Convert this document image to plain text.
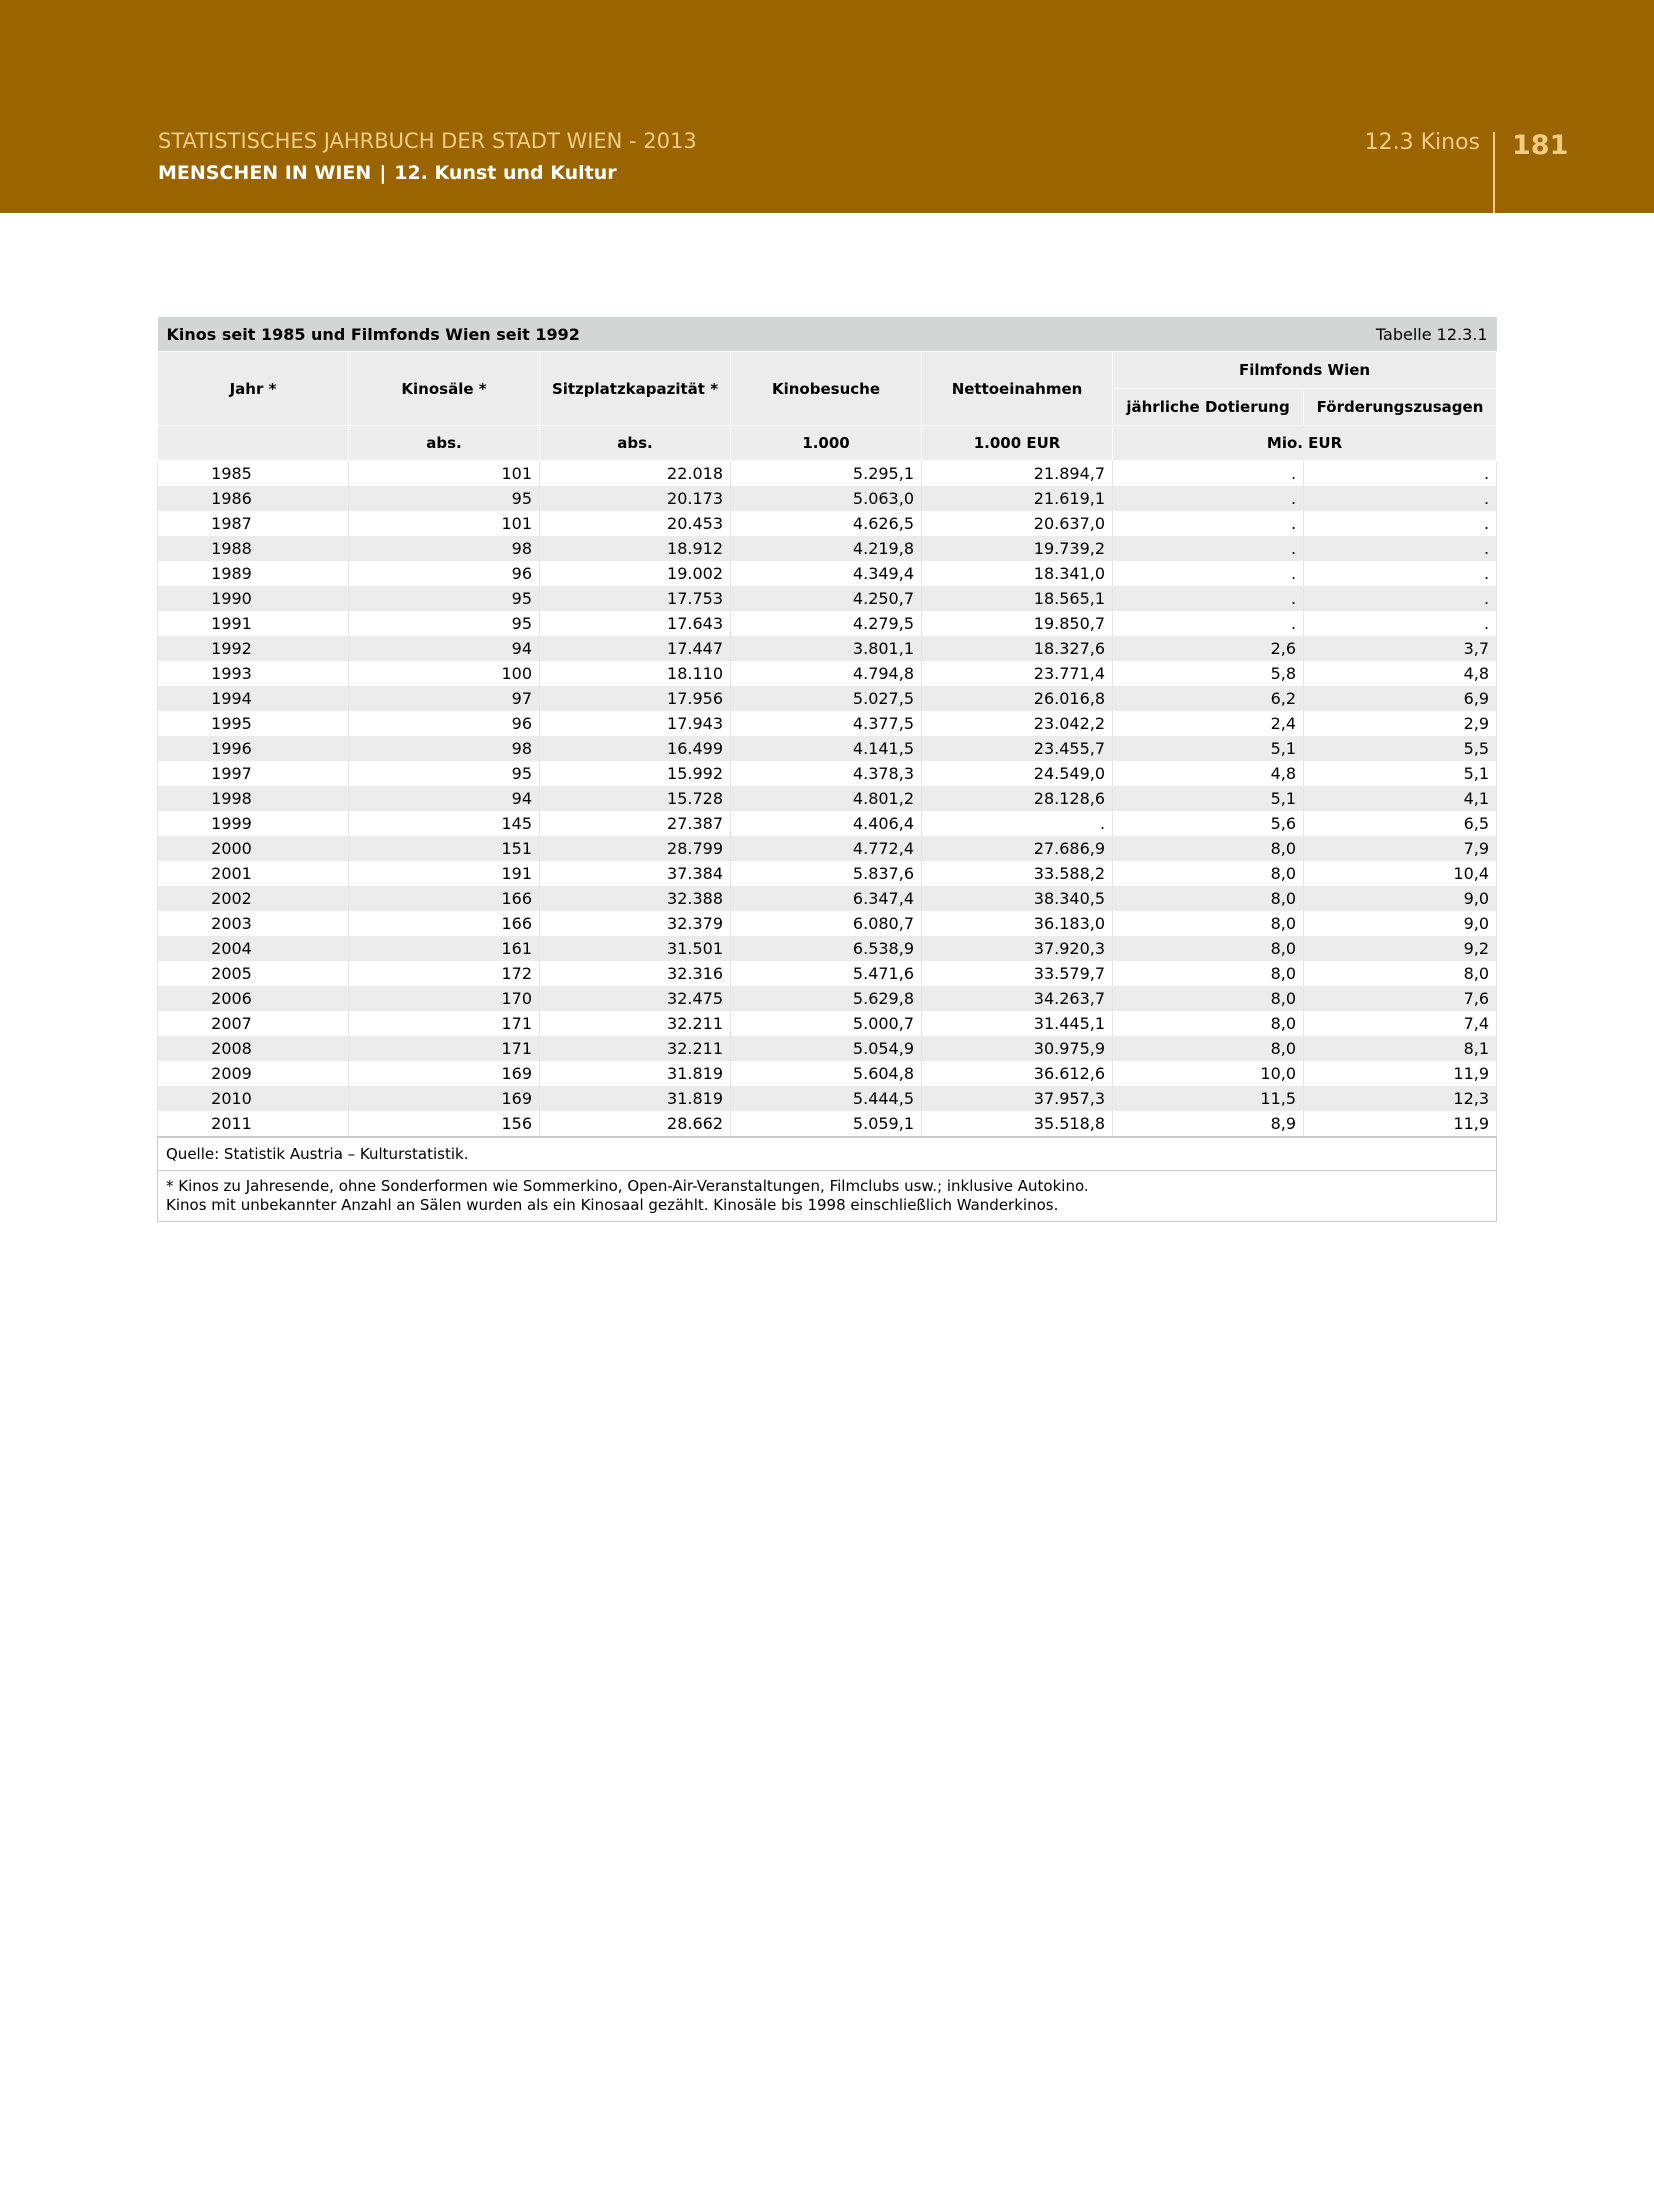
STATISTISCHES JAHRBUCH DER STADT WIEN - 2013
MENSCHEN IN WIEN | 12. Kunst und Kultur
12.3 Kinos 181
Kinos seit 1985 und Filmfonds Wien seit 1992					Tabelle 12.3.1	
Jahr *	Kinosäle *	Sitzplatzkapazität *	Kinobesuche	Nettoeinahmen	Filmfonds Wien	
					jährliche Dotierung	Förderungszusagen
	abs.	abs.	1.000	1.000 EUR	Mio. EUR	
1985	101	22.018	5.295,1	21.894,7	.	.
1986	95	20.173	5.063,0	21.619,1	.	.
1987	101	20.453	4.626,5	20.637,0	.	.
1988	98	18.912	4.219,8	19.739,2	.	.
1989	96	19.002	4.349,4	18.341,0	.	.
1990	95	17.753	4.250,7	18.565,1	.	.
1991	95	17.643	4.279,5	19.850,7	.	.
1992	94	17.447	3.801,1	18.327,6	2,6	3,7
1993	100	18.110	4.794,8	23.771,4	5,8	4,8
1994	97	17.956	5.027,5	26.016,8	6,2	6,9
1995	96	17.943	4.377,5	23.042,2	2,4	2,9
1996	98	16.499	4.141,5	23.455,7	5,1	5,5
1997	95	15.992	4.378,3	24.549,0	4,8	5,1
1998	94	15.728	4.801,2	28.128,6	5,1	4,1
1999	145	27.387	4.406,4	.	5,6	6,5
2000	151	28.799	4.772,4	27.686,9	8,0	7,9
2001	191	37.384	5.837,6	33.588,2	8,0	10,4
2002	166	32.388	6.347,4	38.340,5	8,0	9,0
2003	166	32.379	6.080,7	36.183,0	8,0	9,0
2004	161	31.501	6.538,9	37.920,3	8,0	9,2
2005	172	32.316	5.471,6	33.579,7	8,0	8,0
2006	170	32.475	5.629,8	34.263,7	8,0	7,6
2007	171	32.211	5.000,7	31.445,1	8,0	7,4
2008	171	32.211	5.054,9	30.975,9	8,0	8,1
2009	169	31.819	5.604,8	36.612,6	10,0	11,9
2010	169	31.819	5.444,5	37.957,3	11,5	12,3
2011	156	28.662	5.059,1	35.518,8	8,9	11,9
Quelle: Statistik Austria – Kulturstatistik.						

* Kinos zu Jahresende, ohne Sonderformen wie Sommerkino, Open-Air-Veranstaltungen, Filmclubs usw.; inklusive Autokino.
Kinos mit unbekannter Anzahl an Sälen wurden als ein Kinosaal gezählt. Kinosäle bis 1998 einschließlich Wanderkinos.						
